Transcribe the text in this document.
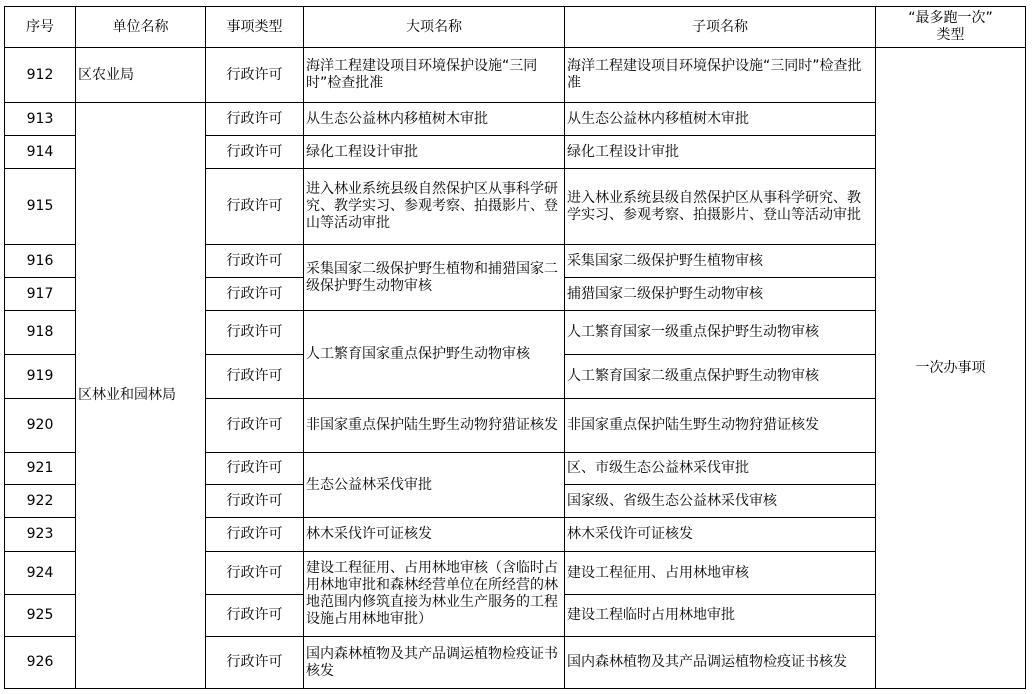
序号	单位名称	事项类型	大项名称	子项名称	“最多跑一次”
类型
912	区农业局	行政许可	海洋工程建设项目环境保护设施“三同时”检查批准	海洋工程建设项目环境保护设施“三同时”检查批准	一次办事项
913	区林业和园林局	行政许可	从生态公益林内移植树木审批	从生态公益林内移植树木审批	
914		行政许可	绿化工程设计审批	绿化工程设计审批	
915		行政许可	进入林业系统县级自然保护区从事科学研究、教学实习、参观考察、拍摄影片、登山等活动审批	进入林业系统县级自然保护区从事科学研究、教学实习、参观考察、拍摄影片、登山等活动审批	
916		行政许可	采集国家二级保护野生植物和捕猎国家二级保护野生动物审核	采集国家二级保护野生植物审核	
917		行政许可		捕猎国家二级保护野生动物审核	
918		行政许可	人工繁育国家重点保护野生动物审核	人工繁育国家一级重点保护野生动物审核	
919		行政许可		人工繁育国家二级重点保护野生动物审核	
920		行政许可	非国家重点保护陆生野生动物狩猎证核发	非国家重点保护陆生野生动物狩猎证核发	
921		行政许可	生态公益林采伐审批	区、市级生态公益林采伐审批	
922		行政许可		国家级、省级生态公益林采伐审核	
923		行政许可	林木采伐许可证核发	林木采伐许可证核发	
924		行政许可	建设工程征用、占用林地审核（含临时占用林地审批和森林经营单位在所经营的林地范围内修筑直接为林业生产服务的工程设施占用林地审批）	建设工程征用、占用林地审核	
925		行政许可		建设工程临时占用林地审批	
926		行政许可	国内森林植物及其产品调运植物检疫证书核发	国内森林植物及其产品调运植物检疫证书核发	
